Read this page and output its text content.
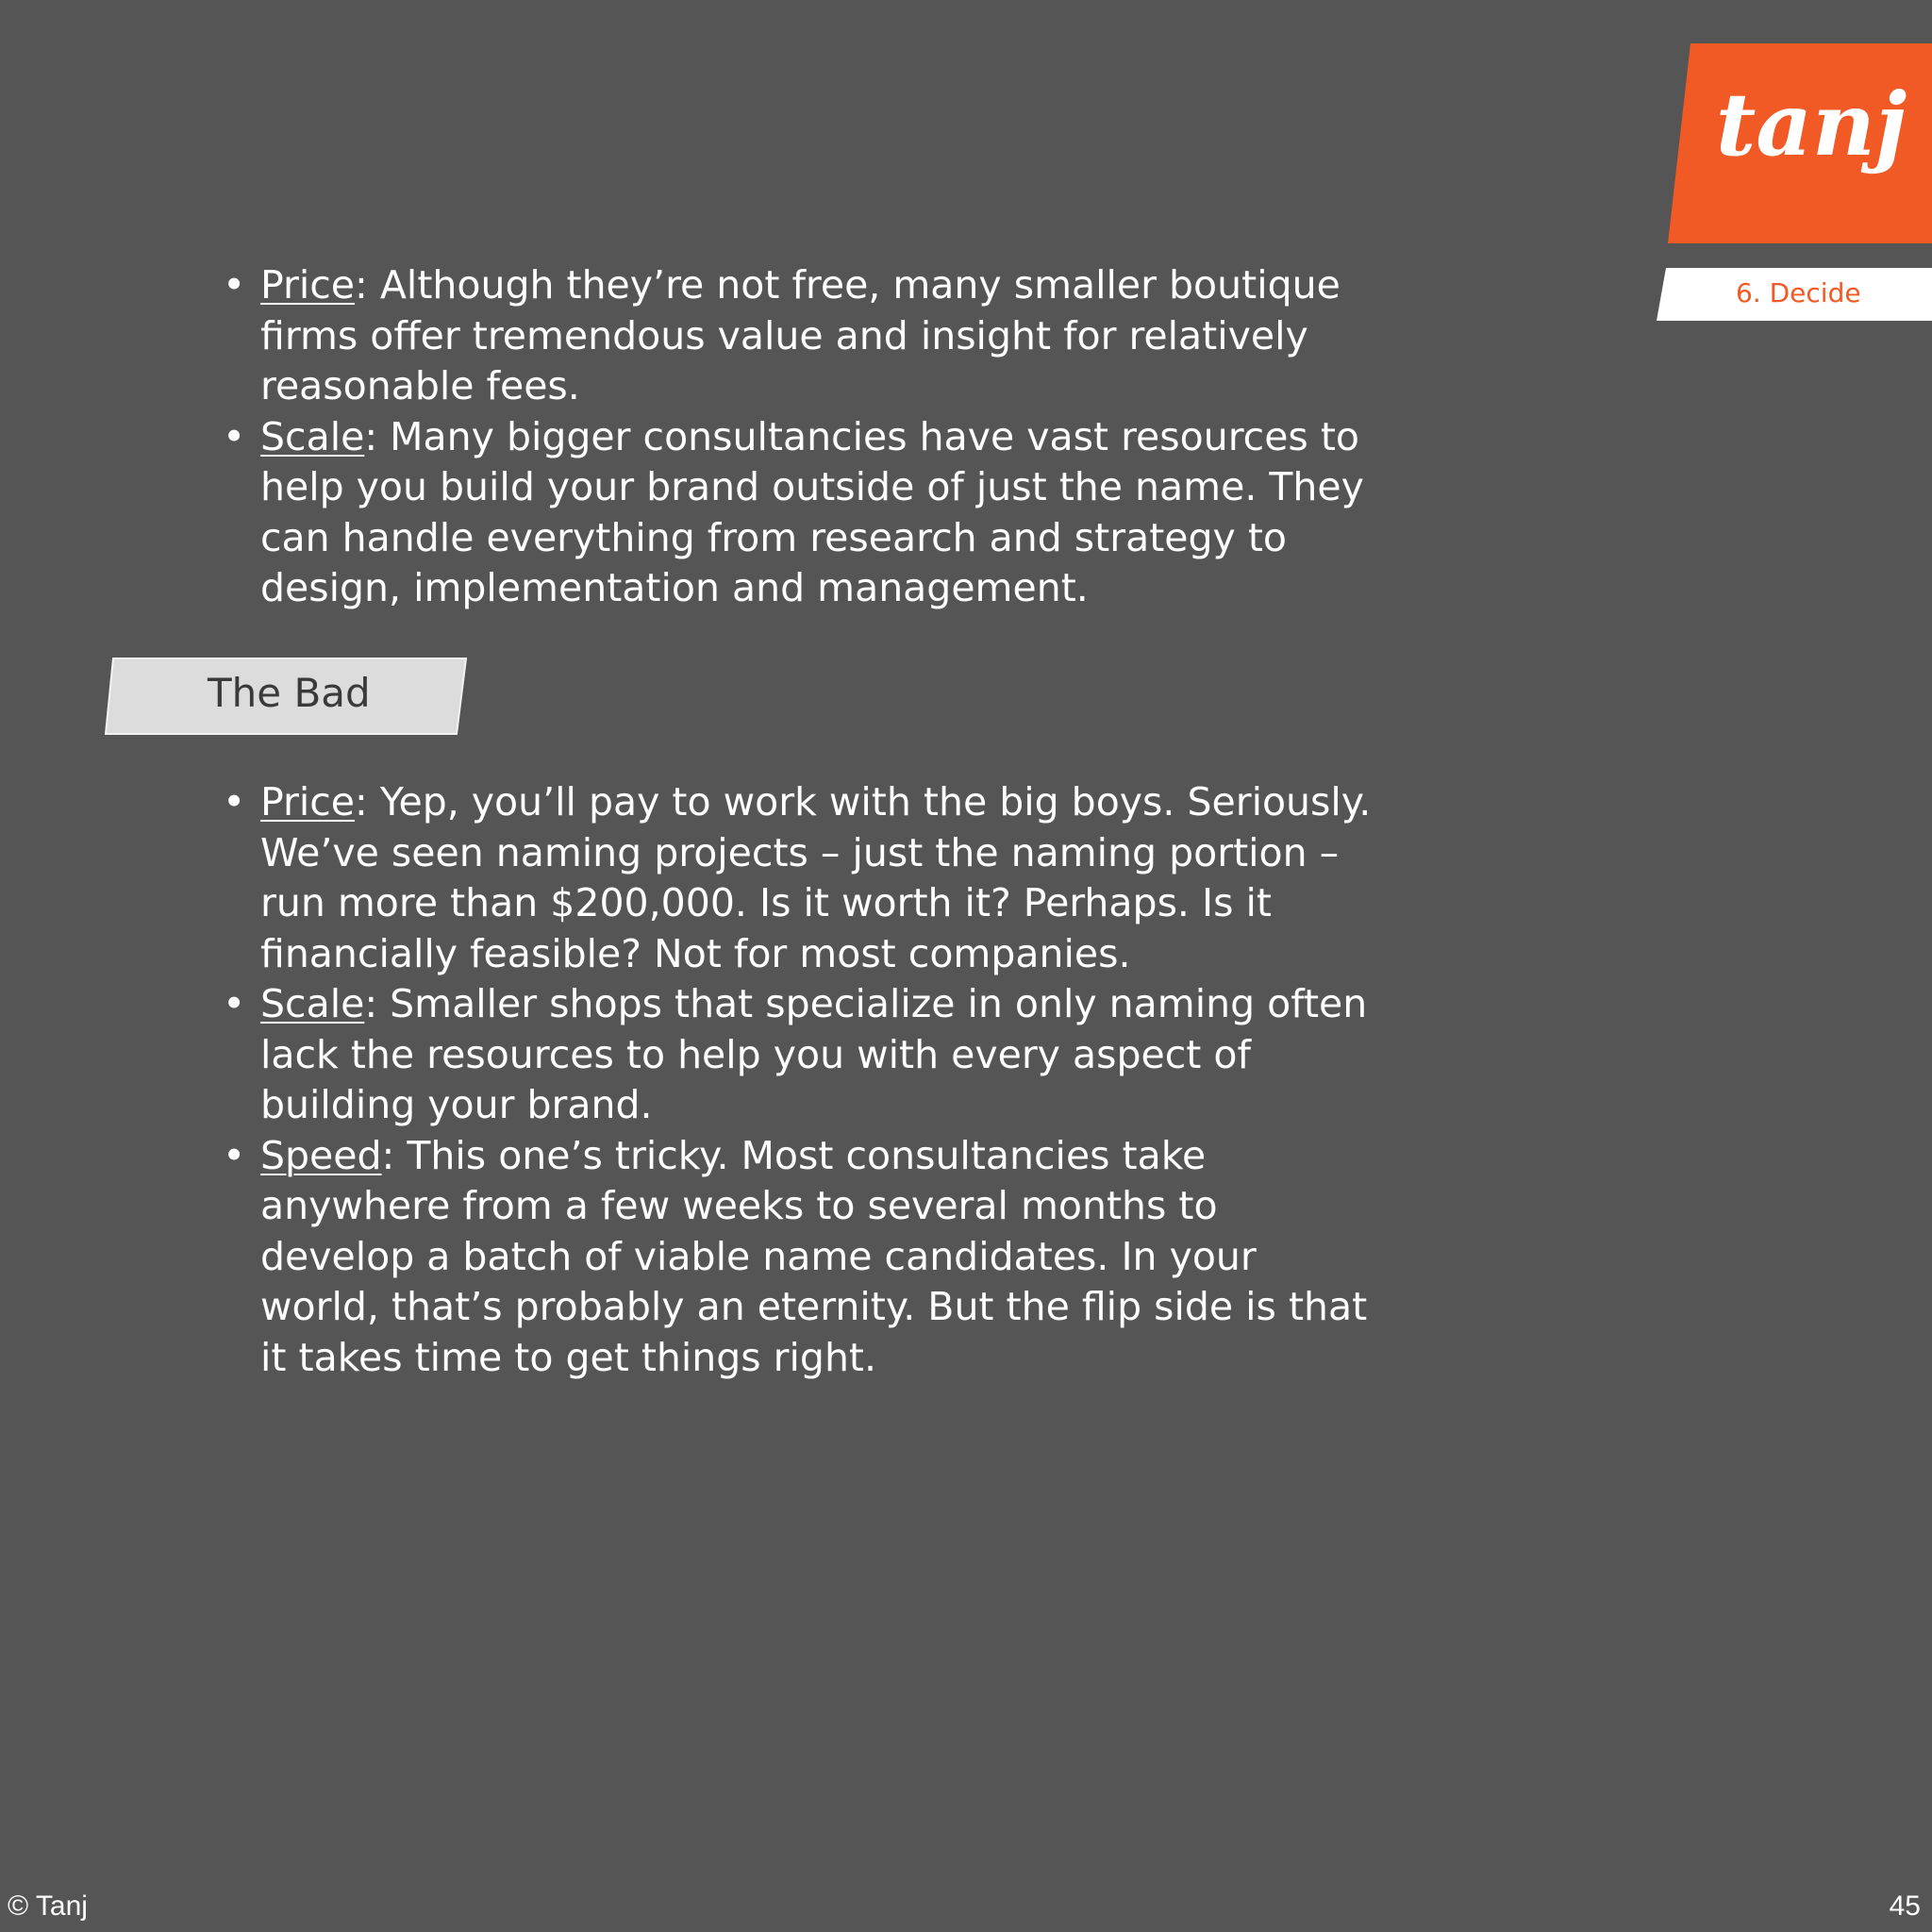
tanj
6. Decide
• Price: Although they’re not free, many smaller boutique firms offer tremendous value and insight for relatively reasonable fees.
• Scale: Many bigger consultancies have vast resources to help you build your brand outside of just the name. They can handle everything from research and strategy to design, implementation and management.
The Bad
• Price: Yep, you’ll pay to work with the big boys. Seriously. We’ve seen naming projects – just the naming portion – run more than $200,000. Is it worth it? Perhaps. Is it financially feasible? Not for most companies.
• Scale: Smaller shops that specialize in only naming often lack the resources to help you with every aspect of building your brand.
• Speed: This one’s tricky. Most consultancies take anywhere from a few weeks to several months to develop a batch of viable name candidates. In your world, that’s probably an eternity. But the flip side is that it takes time to get things right.
© Tanj	45
